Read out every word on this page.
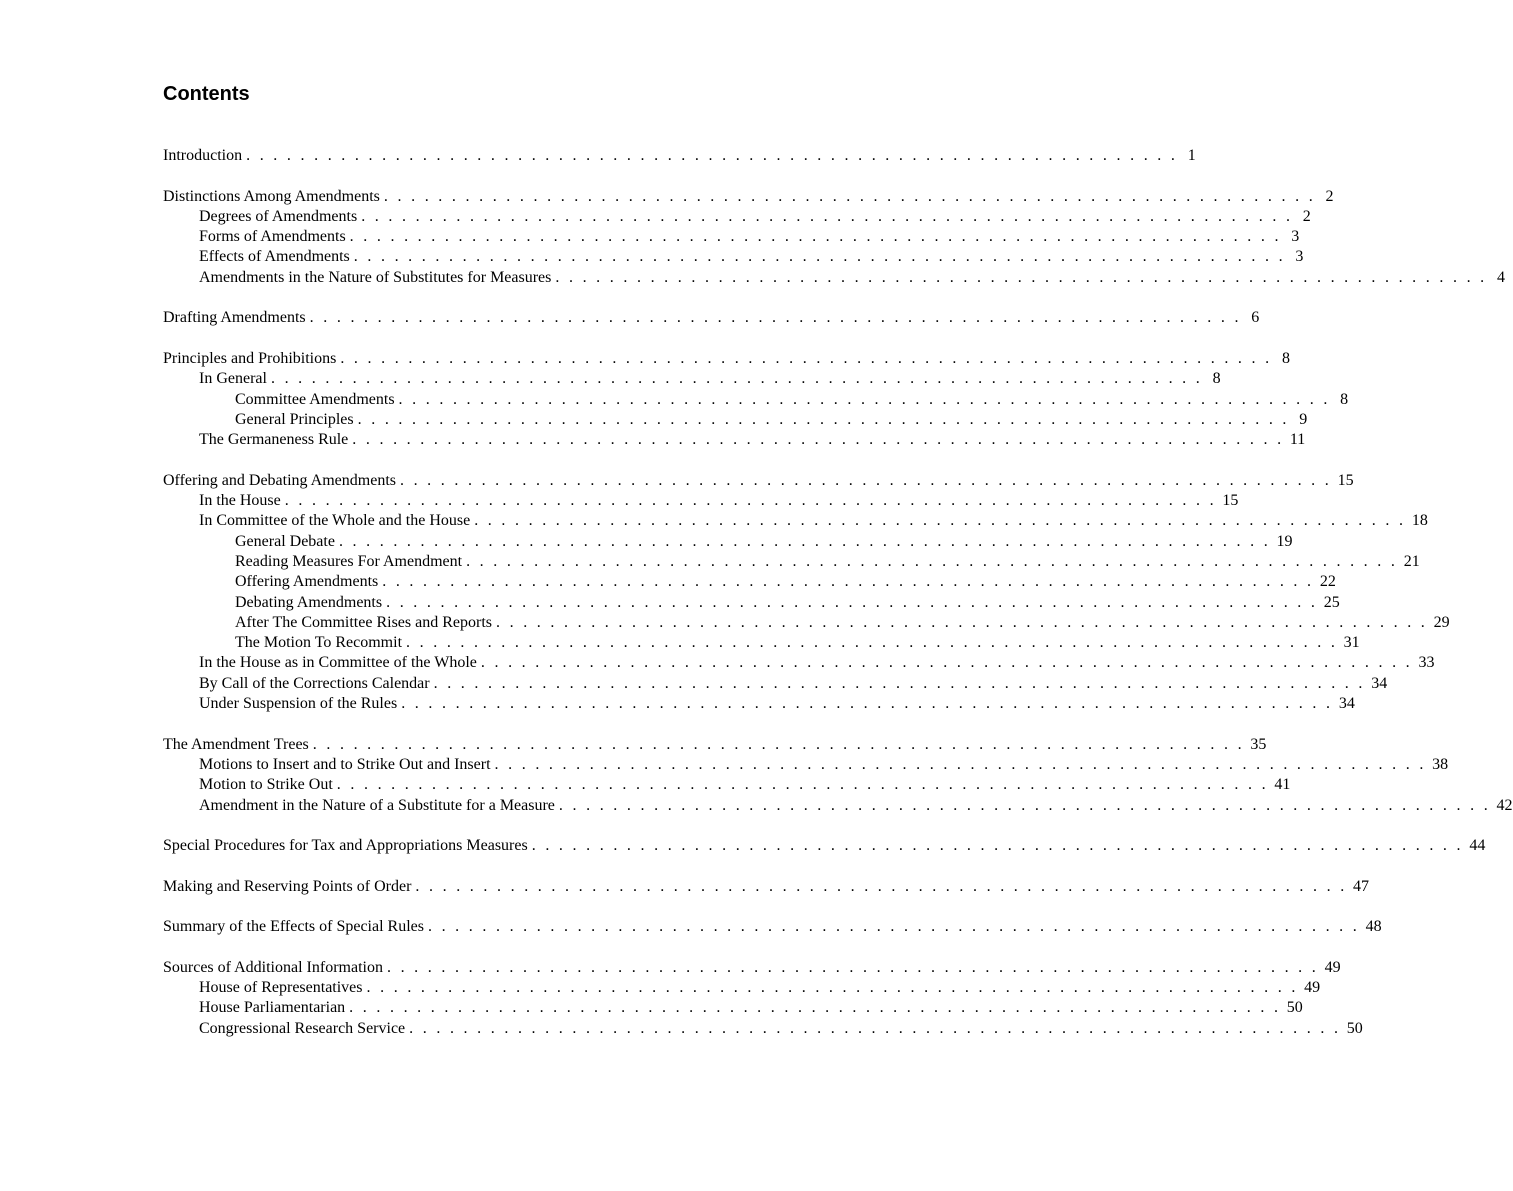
Contents
Introduction . . . . . . . . . . . . . . . . . . . . . . . . . . . . . . . . . . . . . . . . . . . . . . . . . . . . . . . . . . . . . . . . . . . . . 1
Distinctions Among Amendments . . . . . . . . . . . . . . . . . . . . . . . . . . . . . . . . . . . . . . . . . . . . . . . . . . . . . . . . . . . . . . . . . . . . . 2
Degrees of Amendments . . . . . . . . . . . . . . . . . . . . . . . . . . . . . . . . . . . . . . . . . . . . . . . . . . . . . . . . . . . . . . . . . . . . . 2
Forms of Amendments . . . . . . . . . . . . . . . . . . . . . . . . . . . . . . . . . . . . . . . . . . . . . . . . . . . . . . . . . . . . . . . . . . . . . 3
Effects of Amendments . . . . . . . . . . . . . . . . . . . . . . . . . . . . . . . . . . . . . . . . . . . . . . . . . . . . . . . . . . . . . . . . . . . . . 3
Amendments in the Nature of Substitutes for Measures . . . . . . . . . . . . . . . . . . . . . . . . . . . . . . . . . . . . . . . . . . . . . . . . . . . . . . . . . . . . . . . . . . . . . 4
Drafting Amendments . . . . . . . . . . . . . . . . . . . . . . . . . . . . . . . . . . . . . . . . . . . . . . . . . . . . . . . . . . . . . . . . . . . . . 6
Principles and Prohibitions . . . . . . . . . . . . . . . . . . . . . . . . . . . . . . . . . . . . . . . . . . . . . . . . . . . . . . . . . . . . . . . . . . . . . 8
In General . . . . . . . . . . . . . . . . . . . . . . . . . . . . . . . . . . . . . . . . . . . . . . . . . . . . . . . . . . . . . . . . . . . . . 8
Committee Amendments . . . . . . . . . . . . . . . . . . . . . . . . . . . . . . . . . . . . . . . . . . . . . . . . . . . . . . . . . . . . . . . . . . . . . 8
General Principles . . . . . . . . . . . . . . . . . . . . . . . . . . . . . . . . . . . . . . . . . . . . . . . . . . . . . . . . . . . . . . . . . . . . . 9
The Germaneness Rule . . . . . . . . . . . . . . . . . . . . . . . . . . . . . . . . . . . . . . . . . . . . . . . . . . . . . . . . . . . . . . . . . . . . . 11
Offering and Debating Amendments . . . . . . . . . . . . . . . . . . . . . . . . . . . . . . . . . . . . . . . . . . . . . . . . . . . . . . . . . . . . . . . . . . . . . 15
In the House . . . . . . . . . . . . . . . . . . . . . . . . . . . . . . . . . . . . . . . . . . . . . . . . . . . . . . . . . . . . . . . . . . . . . 15
In Committee of the Whole and the House . . . . . . . . . . . . . . . . . . . . . . . . . . . . . . . . . . . . . . . . . . . . . . . . . . . . . . . . . . . . . . . . . . . . . 18
General Debate . . . . . . . . . . . . . . . . . . . . . . . . . . . . . . . . . . . . . . . . . . . . . . . . . . . . . . . . . . . . . . . . . . . . . 19
Reading Measures For Amendment . . . . . . . . . . . . . . . . . . . . . . . . . . . . . . . . . . . . . . . . . . . . . . . . . . . . . . . . . . . . . . . . . . . . . 21
Offering Amendments . . . . . . . . . . . . . . . . . . . . . . . . . . . . . . . . . . . . . . . . . . . . . . . . . . . . . . . . . . . . . . . . . . . . . 22
Debating Amendments . . . . . . . . . . . . . . . . . . . . . . . . . . . . . . . . . . . . . . . . . . . . . . . . . . . . . . . . . . . . . . . . . . . . . 25
After The Committee Rises and Reports . . . . . . . . . . . . . . . . . . . . . . . . . . . . . . . . . . . . . . . . . . . . . . . . . . . . . . . . . . . . . . . . . . . . . 29
The Motion To Recommit . . . . . . . . . . . . . . . . . . . . . . . . . . . . . . . . . . . . . . . . . . . . . . . . . . . . . . . . . . . . . . . . . . . . . 31
In the House as in Committee of the Whole . . . . . . . . . . . . . . . . . . . . . . . . . . . . . . . . . . . . . . . . . . . . . . . . . . . . . . . . . . . . . . . . . . . . . 33
By Call of the Corrections Calendar . . . . . . . . . . . . . . . . . . . . . . . . . . . . . . . . . . . . . . . . . . . . . . . . . . . . . . . . . . . . . . . . . . . . . 34
Under Suspension of the Rules . . . . . . . . . . . . . . . . . . . . . . . . . . . . . . . . . . . . . . . . . . . . . . . . . . . . . . . . . . . . . . . . . . . . . 34
The Amendment Trees . . . . . . . . . . . . . . . . . . . . . . . . . . . . . . . . . . . . . . . . . . . . . . . . . . . . . . . . . . . . . . . . . . . . . 35
Motions to Insert and to Strike Out and Insert . . . . . . . . . . . . . . . . . . . . . . . . . . . . . . . . . . . . . . . . . . . . . . . . . . . . . . . . . . . . . . . . . . . . . 38
Motion to Strike Out . . . . . . . . . . . . . . . . . . . . . . . . . . . . . . . . . . . . . . . . . . . . . . . . . . . . . . . . . . . . . . . . . . . . . 41
Amendment in the Nature of a Substitute for a Measure . . . . . . . . . . . . . . . . . . . . . . . . . . . . . . . . . . . . . . . . . . . . . . . . . . . . . . . . . . . . . . . . . . . . . 42
Special Procedures for Tax and Appropriations Measures . . . . . . . . . . . . . . . . . . . . . . . . . . . . . . . . . . . . . . . . . . . . . . . . . . . . . . . . . . . . . . . . . . . . . 44
Making and Reserving Points of Order . . . . . . . . . . . . . . . . . . . . . . . . . . . . . . . . . . . . . . . . . . . . . . . . . . . . . . . . . . . . . . . . . . . . . 47
Summary of the Effects of Special Rules . . . . . . . . . . . . . . . . . . . . . . . . . . . . . . . . . . . . . . . . . . . . . . . . . . . . . . . . . . . . . . . . . . . . . 48
Sources of Additional Information . . . . . . . . . . . . . . . . . . . . . . . . . . . . . . . . . . . . . . . . . . . . . . . . . . . . . . . . . . . . . . . . . . . . . 49
House of Representatives . . . . . . . . . . . . . . . . . . . . . . . . . . . . . . . . . . . . . . . . . . . . . . . . . . . . . . . . . . . . . . . . . . . . . 49
House Parliamentarian . . . . . . . . . . . . . . . . . . . . . . . . . . . . . . . . . . . . . . . . . . . . . . . . . . . . . . . . . . . . . . . . . . . . . 50
Congressional Research Service . . . . . . . . . . . . . . . . . . . . . . . . . . . . . . . . . . . . . . . . . . . . . . . . . . . . . . . . . . . . . . . . . . . . . 50
